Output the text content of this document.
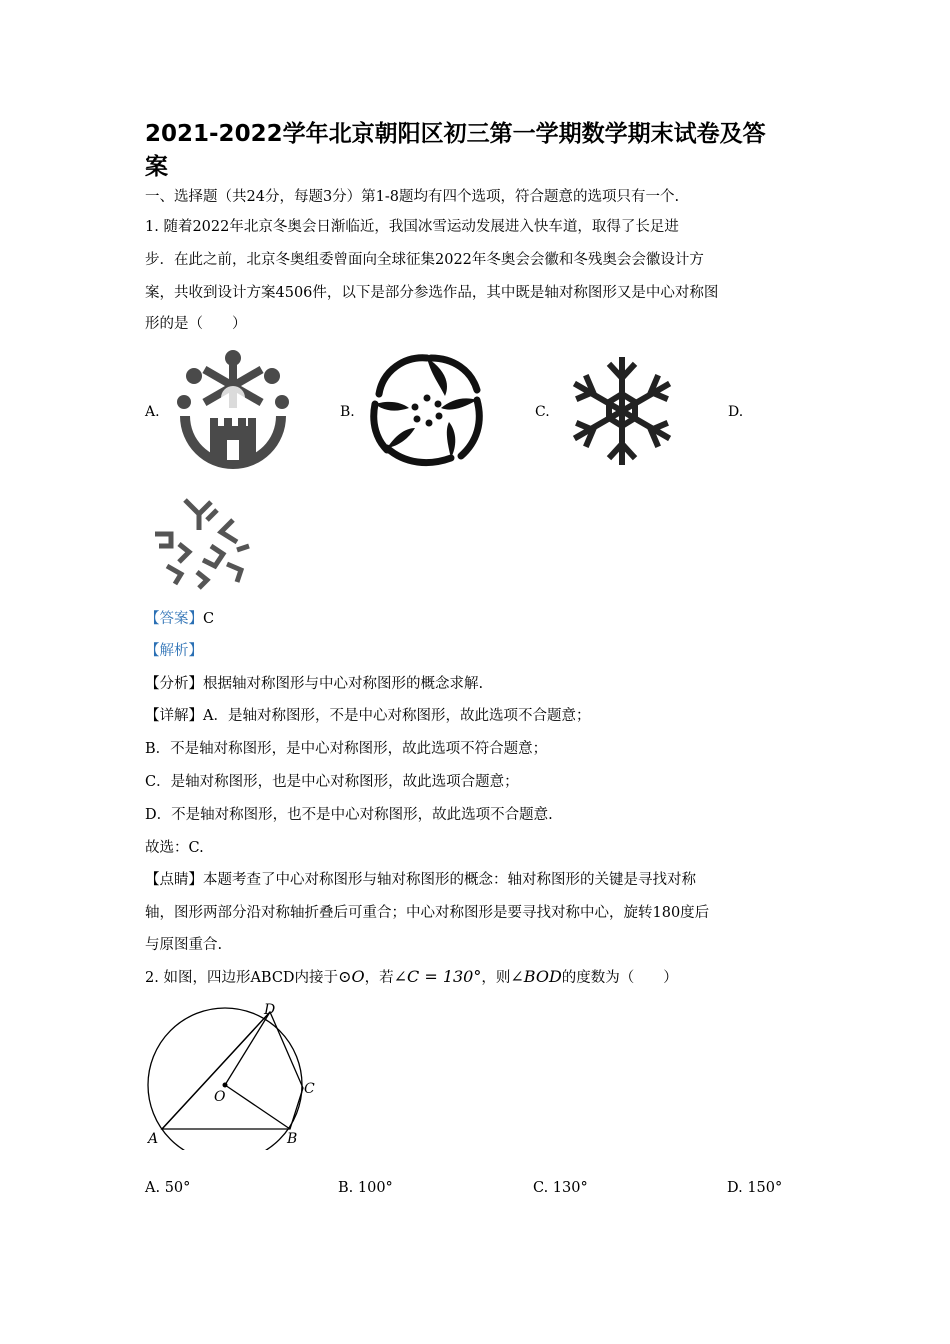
2021-2022学年北京朝阳区初三第一学期数学期末试卷及答
案
一、选择题（共24分，每题3分）第1-8题均有四个选项，符合题意的选项只有一个.
1. 随着2022年北京冬奥会日渐临近，我国冰雪运动发展进入快车道，取得了长足进
步．在此之前，北京冬奥组委曾面向全球征集2022年冬奥会会徽和冬残奥会会徽设计方
案，共收到设计方案4506件，以下是部分参选作品，其中既是轴对称图形又是中心对称图
形的是（　　）
A.	B.	C.	D.
【答案】C
【解析】
【分析】根据轴对称图形与中心对称图形的概念求解.
【详解】A．是轴对称图形，不是中心对称图形，故此选项不合题意；
B．不是轴对称图形，是中心对称图形，故此选项不符合题意；
C．是轴对称图形，也是中心对称图形，故此选项合题意；
D．不是轴对称图形，也不是中心对称图形，故此选项不合题意.
故选：C.
【点睛】本题考查了中心对称图形与轴对称图形的概念：轴对称图形的关键是寻找对称
轴，图形两部分沿对称轴折叠后可重合；中心对称图形是要寻找对称中心，旋转180度后
与原图重合.
2. 如图，四边形ABCD内接于⊙O，若∠C = 130°，则∠BOD的度数为（　　）
D
C
O
A	B
A. 50°	B. 100°	C. 130°	D. 150°
